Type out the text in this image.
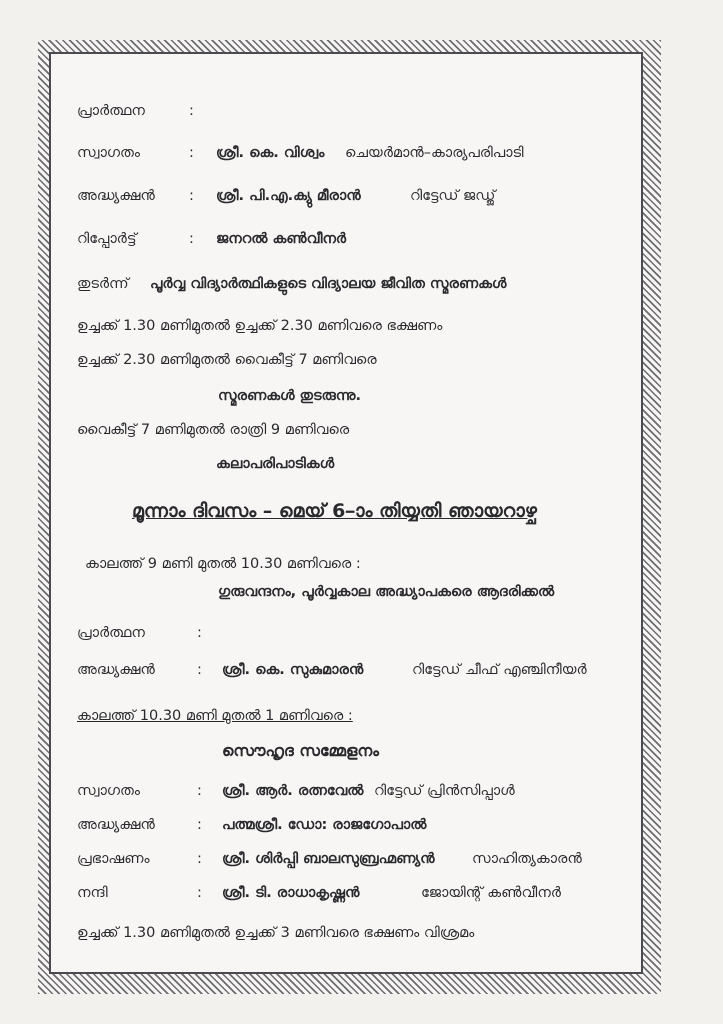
പ്രാർത്ഥന	:
സ്വാഗതം	: ശ്രീ. കെ. വിശ്വം ചെയർമാൻ–കാര്യപരിപാടി
അദ്ധ്യക്ഷൻ : ശ്രീ. പി.എ.ക്യു മീരാൻ	റിട്ടേഡ് ജഡ്ജ്
റിപ്പോർട്ട്	: ജനറൽ കൺവീനർ
തുടർന്ന് പൂർവ്വ വിദ്യാർത്ഥികളുടെ വിദ്യാലയ ജീവിത സ്മരണകൾ
ഉച്ചക്ക് 1.30 മണിമുതൽ ഉച്ചക്ക് 2.30 മണിവരെ ഭക്ഷണം
ഉച്ചക്ക് 2.30 മണിമുതൽ വൈകീട്ട് 7 മണിവരെ
സ്മരണകൾ തുടരുന്നു.
വൈകീട്ട് 7 മണിമുതൽ രാത്രി 9 മണിവരെ
കലാപരിപാടികൾ
മൂന്നാം ദിവസം – മെയ് 6–ാം തിയ്യതി ഞായറാഴ്ച
കാലത്ത് 9 മണി മുതൽ 10.30 മണിവരെ :
ഗുരുവന്ദനം, പൂർവ്വകാല അദ്ധ്യാപകരെ ആദരിക്കൽ
പ്രാർത്ഥന	:
അദ്ധ്യക്ഷൻ	: ശ്രീ. കെ. സുകുമാരൻ	റിട്ടേഡ് ചീഫ് എഞ്ചിനീയർ
കാലത്ത് 10.30 മണി മുതൽ 1 മണിവരെ :
സൌഹൃദ സമ്മേളനം
സ്വാഗതം	: ശ്രീ. ആർ. രത്നവേൽ റിട്ടേഡ് പ്രിൻസിപ്പാൾ
അദ്ധ്യക്ഷൻ	: പത്മശ്രീ. ഡോ: രാജഗോപാൽ
പ്രഭാഷണം	: ശ്രീ. ശിർപ്പി ബാലസുബ്രഹ്മണ്യൻ	സാഹിത്യകാരൻ
നന്ദി	: ശ്രീ. ടി. രാധാകൃഷ്ണൻ	ജോയിന്റ് കൺവീനർ
ഉച്ചക്ക് 1.30 മണിമുതൽ ഉച്ചക്ക് 3 മണിവരെ ഭക്ഷണം വിശ്രമം
